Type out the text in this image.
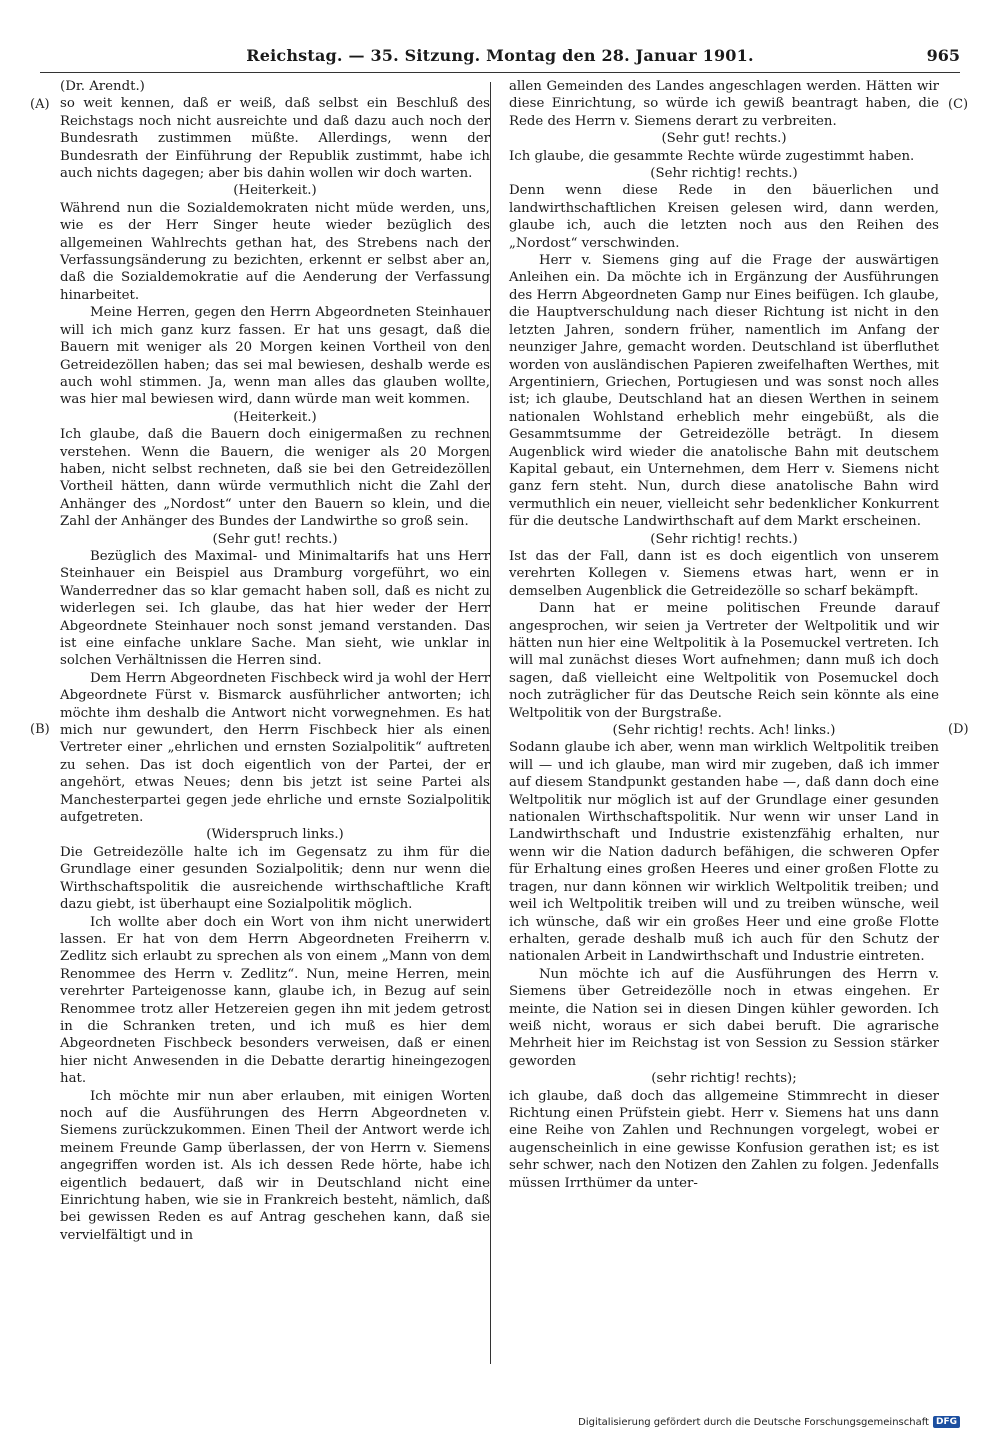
Reichstag. — 35. Sitzung. Montag den 28. Januar 1901.	965
(A)
(B)
(C)
(D)

(Dr. Arendt.)

so weit kennen, daß er weiß, daß selbst ein Beschluß des Reichstags noch nicht ausreichte und daß dazu auch noch der Bundesrath zustimmen müßte. Allerdings, wenn der Bundesrath der Einführung der Republik zustimmt, habe ich auch nichts dagegen; aber bis dahin wollen wir doch warten.

(Heiterkeit.)

Während nun die Sozialdemokraten nicht müde werden, uns, wie es der Herr Singer heute wieder bezüglich des allgemeinen Wahlrechts gethan hat, des Strebens nach der Verfassungsänderung zu bezichten, erkennt er selbst aber an, daß die Sozialdemokratie auf die Aenderung der Verfassung hinarbeitet.

Meine Herren, gegen den Herrn Abgeordneten Steinhauer will ich mich ganz kurz fassen. Er hat uns gesagt, daß die Bauern mit weniger als 20 Morgen keinen Vortheil von den Getreidezöllen haben; das sei mal bewiesen, deshalb werde es auch wohl stimmen. Ja, wenn man alles das glauben wollte, was hier mal bewiesen wird, dann würde man weit kommen.

(Heiterkeit.)

Ich glaube, daß die Bauern doch einigermaßen zu rechnen verstehen. Wenn die Bauern, die weniger als 20 Morgen haben, nicht selbst rechneten, daß sie bei den Getreidezöllen Vortheil hätten, dann würde vermuthlich nicht die Zahl der Anhänger des „Nordost“ unter den Bauern so klein, und die Zahl der Anhänger des Bundes der Landwirthe so groß sein.

(Sehr gut! rechts.)

Bezüglich des Maximal- und Minimaltarifs hat uns Herr Steinhauer ein Beispiel aus Dramburg vorgeführt, wo ein Wanderredner das so klar gemacht haben soll, daß es nicht zu widerlegen sei. Ich glaube, das hat hier weder der Herr Abgeordnete Steinhauer noch sonst jemand verstanden. Das ist eine einfache unklare Sache. Man sieht, wie unklar in solchen Verhältnissen die Herren sind.

Dem Herrn Abgeordneten Fischbeck wird ja wohl der Herr Abgeordnete Fürst v. Bismarck ausführlicher antworten; ich möchte ihm deshalb die Antwort nicht vorwegnehmen. Es hat mich nur gewundert, den Herrn Fischbeck hier als einen Vertreter einer „ehrlichen und ernsten Sozialpolitik“ auftreten zu sehen. Das ist doch eigentlich von der Partei, der er angehört, etwas Neues; denn bis jetzt ist seine Partei als Manchesterpartei gegen jede ehrliche und ernste Sozialpolitik aufgetreten.

(Widerspruch links.)

Die Getreidezölle halte ich im Gegensatz zu ihm für die Grundlage einer gesunden Sozialpolitik; denn nur wenn die Wirthschaftspolitik die ausreichende wirthschaftliche Kraft dazu giebt, ist überhaupt eine Sozialpolitik möglich.

Ich wollte aber doch ein Wort von ihm nicht unerwidert lassen. Er hat von dem Herrn Abgeordneten Freiherrn v. Zedlitz sich erlaubt zu sprechen als von einem „Mann von dem Renommee des Herrn v. Zedlitz“. Nun, meine Herren, mein verehrter Parteigenosse kann, glaube ich, in Bezug auf sein Renommee trotz aller Hetzereien gegen ihn mit jedem getrost in die Schranken treten, und ich muß es hier dem Abgeordneten Fischbeck besonders verweisen, daß er einen hier nicht Anwesenden in die Debatte derartig hineingezogen hat.

Ich möchte mir nun aber erlauben, mit einigen Worten noch auf die Ausführungen des Herrn Abgeordneten v. Siemens zurückzukommen. Einen Theil der Antwort werde ich meinem Freunde Gamp überlassen, der von Herrn v. Siemens angegriffen worden ist. Als ich dessen Rede hörte, habe ich eigentlich bedauert, daß wir in Deutschland nicht eine Einrichtung haben, wie sie in Frankreich besteht, nämlich, daß bei gewissen Reden es auf Antrag geschehen kann, daß sie vervielfältigt und in

allen Gemeinden des Landes angeschlagen werden. Hätten wir diese Einrichtung, so würde ich gewiß beantragt haben, die Rede des Herrn v. Siemens derart zu verbreiten.

(Sehr gut! rechts.)

Ich glaube, die gesammte Rechte würde zugestimmt haben.

(Sehr richtig! rechts.)

Denn wenn diese Rede in den bäuerlichen und landwirthschaftlichen Kreisen gelesen wird, dann werden, glaube ich, auch die letzten noch aus den Reihen des „Nordost“ verschwinden.

Herr v. Siemens ging auf die Frage der auswärtigen Anleihen ein. Da möchte ich in Ergänzung der Ausführungen des Herrn Abgeordneten Gamp nur Eines beifügen. Ich glaube, die Hauptverschuldung nach dieser Richtung ist nicht in den letzten Jahren, sondern früher, namentlich im Anfang der neunziger Jahre, gemacht worden. Deutschland ist überfluthet worden von ausländischen Papieren zweifelhaften Werthes, mit Argentiniern, Griechen, Portugiesen und was sonst noch alles ist; ich glaube, Deutschland hat an diesen Werthen in seinem nationalen Wohlstand erheblich mehr eingebüßt, als die Gesammtsumme der Getreidezölle beträgt. In diesem Augenblick wird wieder die anatolische Bahn mit deutschem Kapital gebaut, ein Unternehmen, dem Herr v. Siemens nicht ganz fern steht. Nun, durch diese anatolische Bahn wird vermuthlich ein neuer, vielleicht sehr bedenklicher Konkurrent für die deutsche Landwirthschaft auf dem Markt erscheinen.

(Sehr richtig! rechts.)

Ist das der Fall, dann ist es doch eigentlich von unserem verehrten Kollegen v. Siemens etwas hart, wenn er in demselben Augenblick die Getreidezölle so scharf bekämpft.

Dann hat er meine politischen Freunde darauf angesprochen, wir seien ja Vertreter der Weltpolitik und wir hätten nun hier eine Weltpolitik à la Posemuckel vertreten. Ich will mal zunächst dieses Wort aufnehmen; dann muß ich doch sagen, daß vielleicht eine Weltpolitik von Posemuckel doch noch zuträglicher für das Deutsche Reich sein könnte als eine Weltpolitik von der Burgstraße.

(Sehr richtig! rechts. Ach! links.)

Sodann glaube ich aber, wenn man wirklich Weltpolitik treiben will — und ich glaube, man wird mir zugeben, daß ich immer auf diesem Standpunkt gestanden habe —, daß dann doch eine Weltpolitik nur möglich ist auf der Grundlage einer gesunden nationalen Wirthschaftspolitik. Nur wenn wir unser Land in Landwirthschaft und Industrie existenzfähig erhalten, nur wenn wir die Nation dadurch befähigen, die schweren Opfer für Erhaltung eines großen Heeres und einer großen Flotte zu tragen, nur dann können wir wirklich Weltpolitik treiben; und weil ich Weltpolitik treiben will und zu treiben wünsche, weil ich wünsche, daß wir ein großes Heer und eine große Flotte erhalten, gerade deshalb muß ich auch für den Schutz der nationalen Arbeit in Landwirthschaft und Industrie eintreten.

Nun möchte ich auf die Ausführungen des Herrn v. Siemens über Getreidezölle noch in etwas eingehen. Er meinte, die Nation sei in diesen Dingen kühler geworden. Ich weiß nicht, woraus er sich dabei beruft. Die agrarische Mehrheit hier im Reichstag ist von Session zu Session stärker geworden

(sehr richtig! rechts);

ich glaube, daß doch das allgemeine Stimmrecht in dieser Richtung einen Prüfstein giebt. Herr v. Siemens hat uns dann eine Reihe von Zahlen und Rechnungen vorgelegt, wobei er augenscheinlich in eine gewisse Konfusion gerathen ist; es ist sehr schwer, nach den Notizen den Zahlen zu folgen. Jedenfalls müssen Irrthümer da unter-

Digitalisierung gefördert durch die Deutsche Forschungsgemeinschaft DFG
